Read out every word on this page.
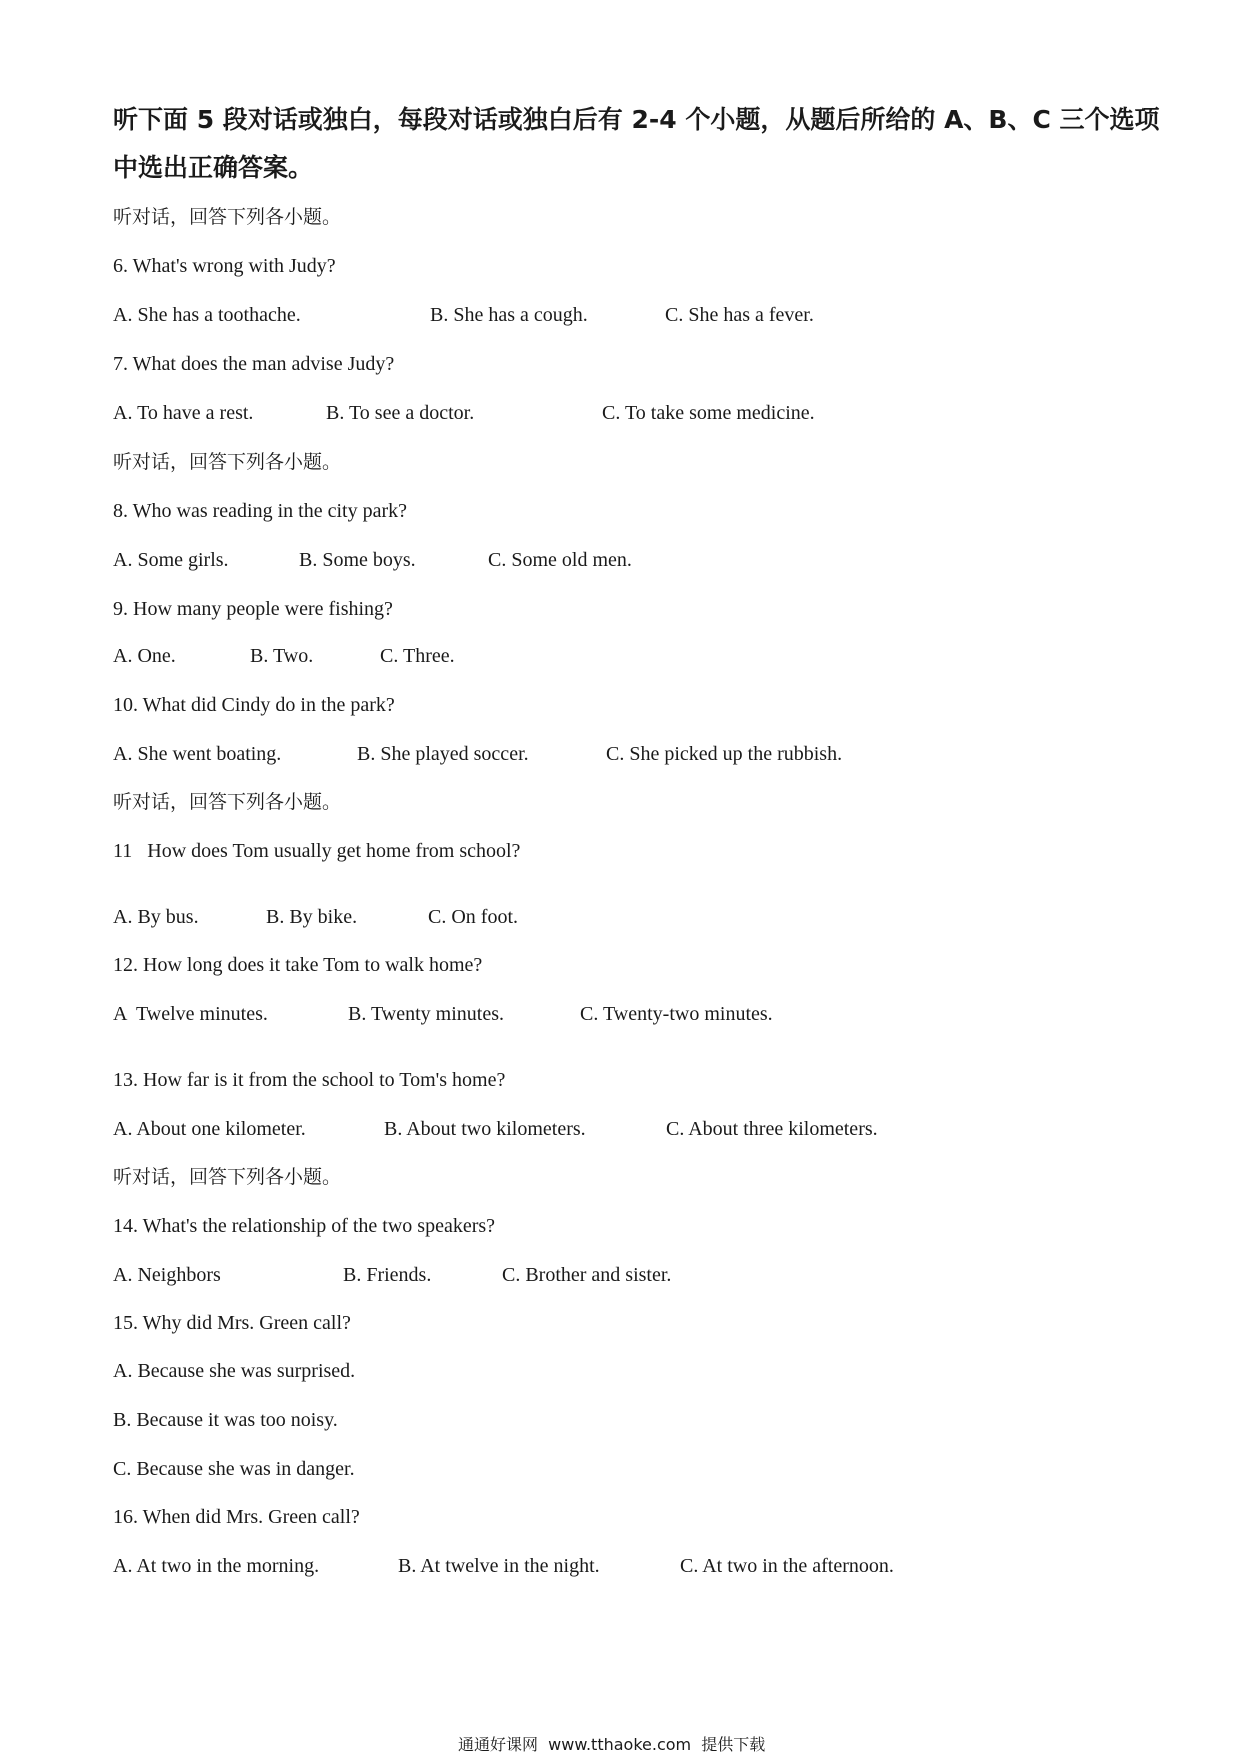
听下面 5 段对话或独白，每段对话或独白后有 2-4 个小题，从题后所给的 A、B、C 三个选项
中选出正确答案。
听对话，回答下列各小题。
6. What's wrong with Judy?
A. She has a toothache.	B. She has a cough.	C. She has a fever.
7. What does the man advise Judy?
A. To have a rest.	B. To see a doctor.	C. To take some medicine.
听对话，回答下列各小题。
8. Who was reading in the city park?
A. Some girls.	B. Some boys.	C. Some old men.
9. How many people were fishing?
A. One.	B. Two.	C. Three.
10. What did Cindy do in the park?
A. She went boating.	B. She played soccer.	C. She picked up the rubbish.
听对话，回答下列各小题。
11   How does Tom usually get home from school?
A. By bus.	B. By bike.	C. On foot.
12. How long does it take Tom to walk home?
A  Twelve minutes.	B. Twenty minutes.	C. Twenty-two minutes.
13. How far is it from the school to Tom's home?
A. About one kilometer.	B. About two kilometers.	C. About three kilometers.
听对话，回答下列各小题。
14. What's the relationship of the two speakers?
A. Neighbors	B. Friends.	C. Brother and sister.
15. Why did Mrs. Green call?
A. Because she was surprised.
B. Because it was too noisy.
C. Because she was in danger.
16. When did Mrs. Green call?
A. At two in the morning.	B. At twelve in the night.	C. At two in the afternoon.
通通好课网  www.tthaoke.com  提供下载
